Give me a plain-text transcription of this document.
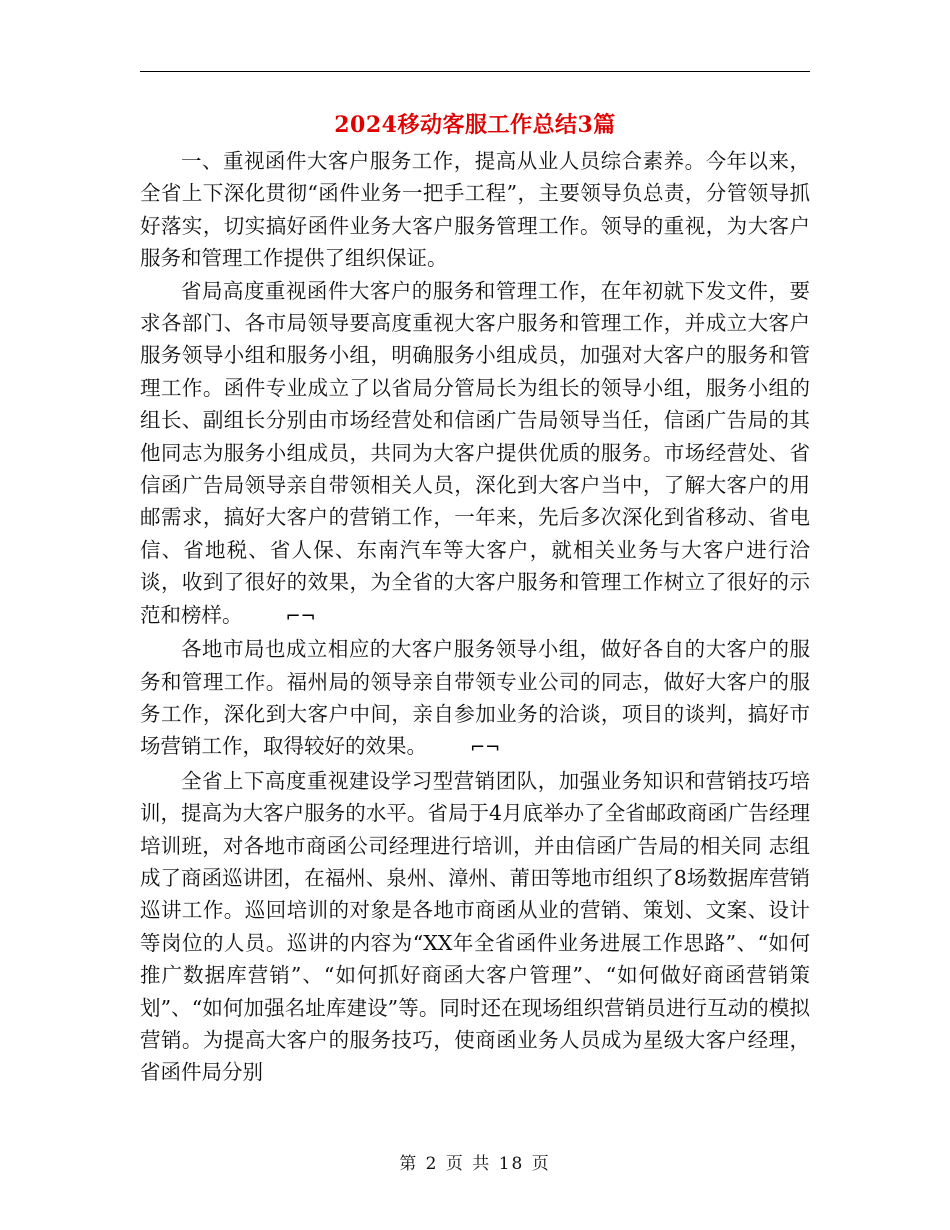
2024移动客服工作总结3篇

一、重视函件大客户服务工作，提高从业人员综合素养。今年以来，全省上下深化贯彻“函件业务一把手工程”，主要领导负总责，分管领导抓好落实，切实搞好函件业务大客户服务管理工作。领导的重视，为大客户服务和管理工作提供了组织保证。

省局高度重视函件大客户的服务和管理工作，在年初就下发文件，要求各部门、各市局领导要高度重视大客户服务和管理工作，并成立大客户服务领导小组和服务小组，明确服务小组成员，加强对大客户的服务和管理工作。函件专业成立了以省局分管局长为组长的领导小组，服务小组的组长、副组长分别由市场经营处和信函广告局领导当任，信函广告局的其他同志为服务小组成员，共同为大客户提供优质的服务。市场经营处、省信函广告局领导亲自带领相关人员，深化到大客户当中，了解大客户的用邮需求，搞好大客户的营销工作，一年来，先后多次深化到省移动、省电信、省地税、省人保、东南汽车等大客户，就相关业务与大客户进行洽谈，收到了很好的效果，为全省的大客户服务和管理工作树立了很好的示范和榜样。 ⌐¬

各地市局也成立相应的大客户服务领导小组，做好各自的大客户的服务和管理工作。福州局的领导亲自带领专业公司的同志，做好大客户的服务工作，深化到大客户中间，亲自参加业务的洽谈，项目的谈判，搞好市场营销工作，取得较好的效果。 ⌐¬

全省上下高度重视建设学习型营销团队，加强业务知识和营销技巧培训，提高为大客户服务的水平。省局于4月底举办了全省邮政商函广告经理培训班，对各地市商函公司经理进行培训，并由信函广告局的相关同 志组成了商函巡讲团，在福州、泉州、漳州、莆田等地市组织了8场数据库营销巡讲工作。巡回培训的对象是各地市商函从业的营销、策划、文案、设计等岗位的人员。巡讲的内容为“XX年全省函件业务进展工作思路”、“如何推广数据库营销”、“如何抓好商函大客户管理”、“如何做好商函营销策划”、“如何加强名址库建设”等。同时还在现场组织营销员进行互动的模拟营销。为提高大客户的服务技巧，使商函业务人员成为星级大客户经理，省函件局分别

第 2 页 共 18 页
